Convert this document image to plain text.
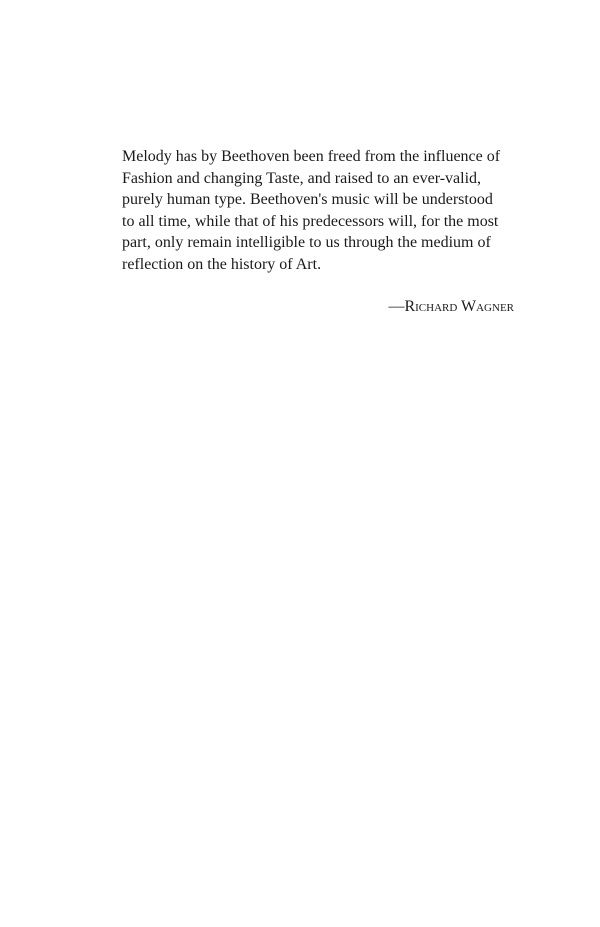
Melody has by Beethoven been freed from the influence of
Fashion and changing Taste, and raised to an ever-valid,
purely human type. Beethoven's music will be understood
to all time, while that of his predecessors will, for the most
part, only remain intelligible to us through the medium of
reflection on the history of Art.
—Richard Wagner
